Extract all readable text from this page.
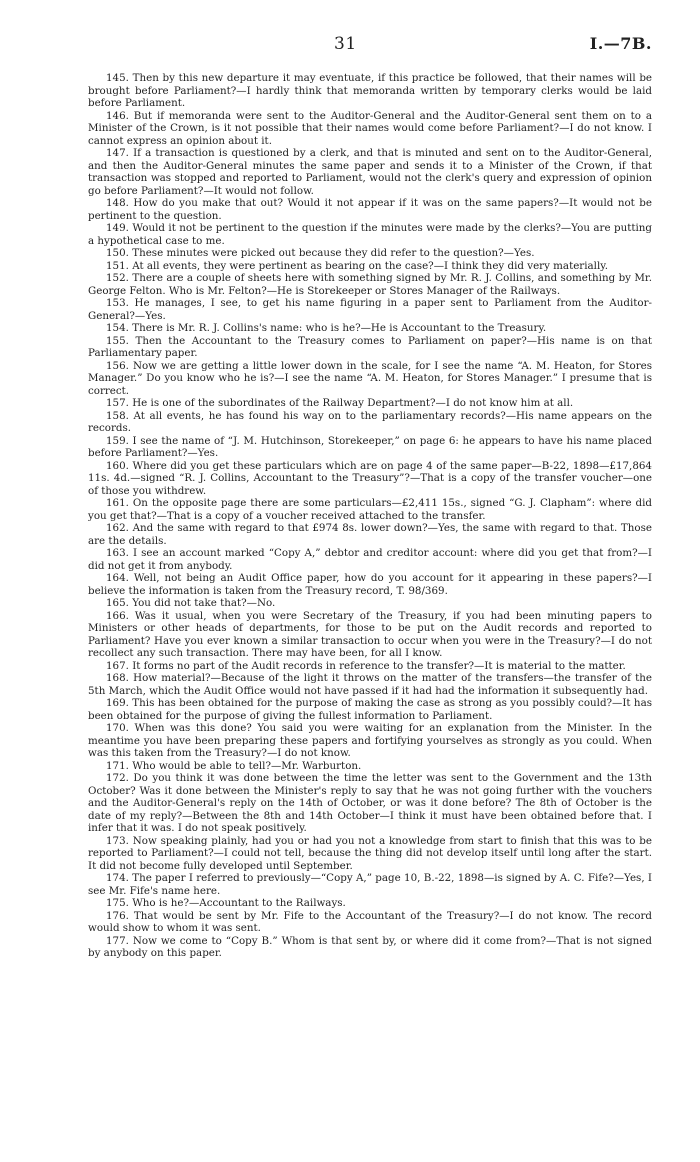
31	I.—7B.

145. Then by this new departure it may eventuate, if this practice be followed, that their names will be brought before Parliament?—I hardly think that memoranda written by temporary clerks would be laid before Parliament.

146. But if memoranda were sent to the Auditor-General and the Auditor-General sent them on to a Minister of the Crown, is it not possible that their names would come before Parliament?—I do not know. I cannot express an opinion about it.

147. If a transaction is questioned by a clerk, and that is minuted and sent on to the Auditor-General, and then the Auditor-General minutes the same paper and sends it to a Minister of the Crown, if that transaction was stopped and reported to Parliament, would not the clerk's query and expression of opinion go before Parliament?—It would not follow.

148. How do you make that out? Would it not appear if it was on the same papers?—It would not be pertinent to the question.

149. Would it not be pertinent to the question if the minutes were made by the clerks?—You are putting a hypothetical case to me.

150. These minutes were picked out because they did refer to the question?—Yes.

151. At all events, they were pertinent as bearing on the case?—I think they did very materially.

152. There are a couple of sheets here with something signed by Mr. R. J. Collins, and something by Mr. George Felton. Who is Mr. Felton?—He is Storekeeper or Stores Manager of the Railways.

153. He manages, I see, to get his name figuring in a paper sent to Parliament from the Auditor-General?—Yes.

154. There is Mr. R. J. Collins's name: who is he?—He is Accountant to the Treasury.

155. Then the Accountant to the Treasury comes to Parliament on paper?—His name is on that Parliamentary paper.

156. Now we are getting a little lower down in the scale, for I see the name “A. M. Heaton, for Stores Manager.” Do you know who he is?—I see the name “A. M. Heaton, for Stores Manager.” I presume that is correct.

157. He is one of the subordinates of the Railway Department?—I do not know him at all.

158. At all events, he has found his way on to the parliamentary records?—His name appears on the records.

159. I see the name of “J. M. Hutchinson, Storekeeper,” on page 6: he appears to have his name placed before Parliament?—Yes.

160. Where did you get these particulars which are on page 4 of the same paper—B-22, 1898—£17,864 11s. 4d.—signed “R. J. Collins, Accountant to the Treasury”?—That is a copy of the transfer voucher—one of those you withdrew.

161. On the opposite page there are some particulars—£2,411 15s., signed “G. J. Clapham”: where did you get that?—That is a copy of a voucher received attached to the transfer.

162. And the same with regard to that £974 8s. lower down?—Yes, the same with regard to that. Those are the details.

163. I see an account marked “Copy A,” debtor and creditor account: where did you get that from?—I did not get it from anybody.

164. Well, not being an Audit Office paper, how do you account for it appearing in these papers?—I believe the information is taken from the Treasury record, T. 98/369.

165. You did not take that?—No.

166. Was it usual, when you were Secretary of the Treasury, if you had been minuting papers to Ministers or other heads of departments, for those to be put on the Audit records and reported to Parliament? Have you ever known a similar transaction to occur when you were in the Treasury?—I do not recollect any such transaction. There may have been, for all I know.

167. It forms no part of the Audit records in reference to the transfer?—It is material to the matter.

168. How material?—Because of the light it throws on the matter of the transfers—the transfer of the 5th March, which the Audit Office would not have passed if it had had the information it subsequently had.

169. This has been obtained for the purpose of making the case as strong as you possibly could?—It has been obtained for the purpose of giving the fullest information to Parliament.

170. When was this done? You said you were waiting for an explanation from the Minister. In the meantime you have been preparing these papers and fortifying yourselves as strongly as you could. When was this taken from the Treasury?—I do not know.

171. Who would be able to tell?—Mr. Warburton.

172. Do you think it was done between the time the letter was sent to the Government and the 13th October? Was it done between the Minister's reply to say that he was not going further with the vouchers and the Auditor-General's reply on the 14th of October, or was it done before? The 8th of October is the date of my reply?—Between the 8th and 14th October—I think it must have been obtained before that. I infer that it was. I do not speak positively.

173. Now speaking plainly, had you or had you not a knowledge from start to finish that this was to be reported to Parliament?—I could not tell, because the thing did not develop itself until long after the start. It did not become fully developed until September.

174. The paper I referred to previously—“Copy A,” page 10, B.-22, 1898—is signed by A. C. Fife?—Yes, I see Mr. Fife's name here.

175. Who is he?—Accountant to the Railways.

176. That would be sent by Mr. Fife to the Accountant of the Treasury?—I do not know. The record would show to whom it was sent.

177. Now we come to “Copy B.” Whom is that sent by, or where did it come from?—That is not signed by anybody on this paper.
